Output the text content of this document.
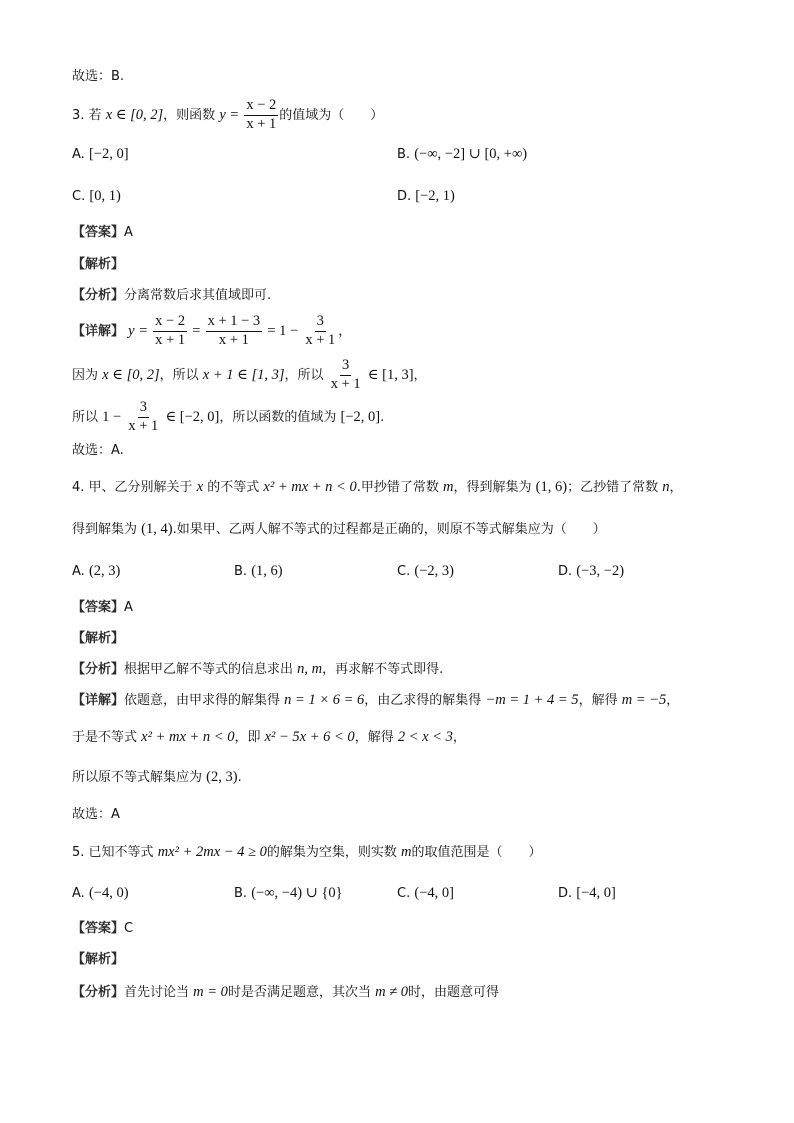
故选：B.
3. 若 x ∈ [0, 2]，则函数 $y = \frac{x - 2}{x + 1}$ 的值域为（　　）
A. [−2, 0]	B. (−∞, −2] ∪ [0, +∞)
C. [0, 1)	D. [−2, 1)
【答案】A
【解析】
【分析】分离常数后求其值域即可.
【详解】 $y = \frac{x - 2}{x + 1} = \frac{x + 1 - 3}{x + 1} = 1 - \frac{3}{x + 1}$ ，
因为 x ∈ [0, 2]，所以 x + 1 ∈ [1, 3]，所以 $\frac{3}{x + 1}$ ∈ [1, 3]，
所以 $1 - \frac{3}{x + 1}$ ∈ [−2, 0]，所以函数的值域为 [−2, 0].
故选：A.
4. 甲、乙分别解关于 x 的不等式 x² + mx + n < 0.甲抄错了常数 m，得到解集为 (1, 6)；乙抄错了常数 n，
得到解集为 (1, 4).如果甲、乙两人解不等式的过程都是正确的，则原不等式解集应为（　　）
A. (2, 3)	B. (1, 6)	C. (−2, 3)	D. (−3, −2)
【答案】A
【解析】
【分析】根据甲乙解不等式的信息求出 n, m，再求解不等式即得.
【详解】依题意，由甲求得的解集得 n = 1 × 6 = 6，由乙求得的解集得 −m = 1 + 4 = 5，解得 m = −5，
于是不等式 x² + mx + n < 0，即 x² − 5x + 6 < 0，解得 2 < x < 3，
所以原不等式解集应为 (2, 3).
故选：A
5. 已知不等式 mx² + 2mx − 4 ≥ 0的解集为空集，则实数 m的取值范围是（　　）
A. (−4, 0)	B. (−∞, −4) ∪ {0}	C. (−4, 0]	D. [−4, 0]
【答案】C
【解析】
【分析】首先讨论当 m = 0时是否满足题意，其次当 m ≠ 0时，由题意可得
